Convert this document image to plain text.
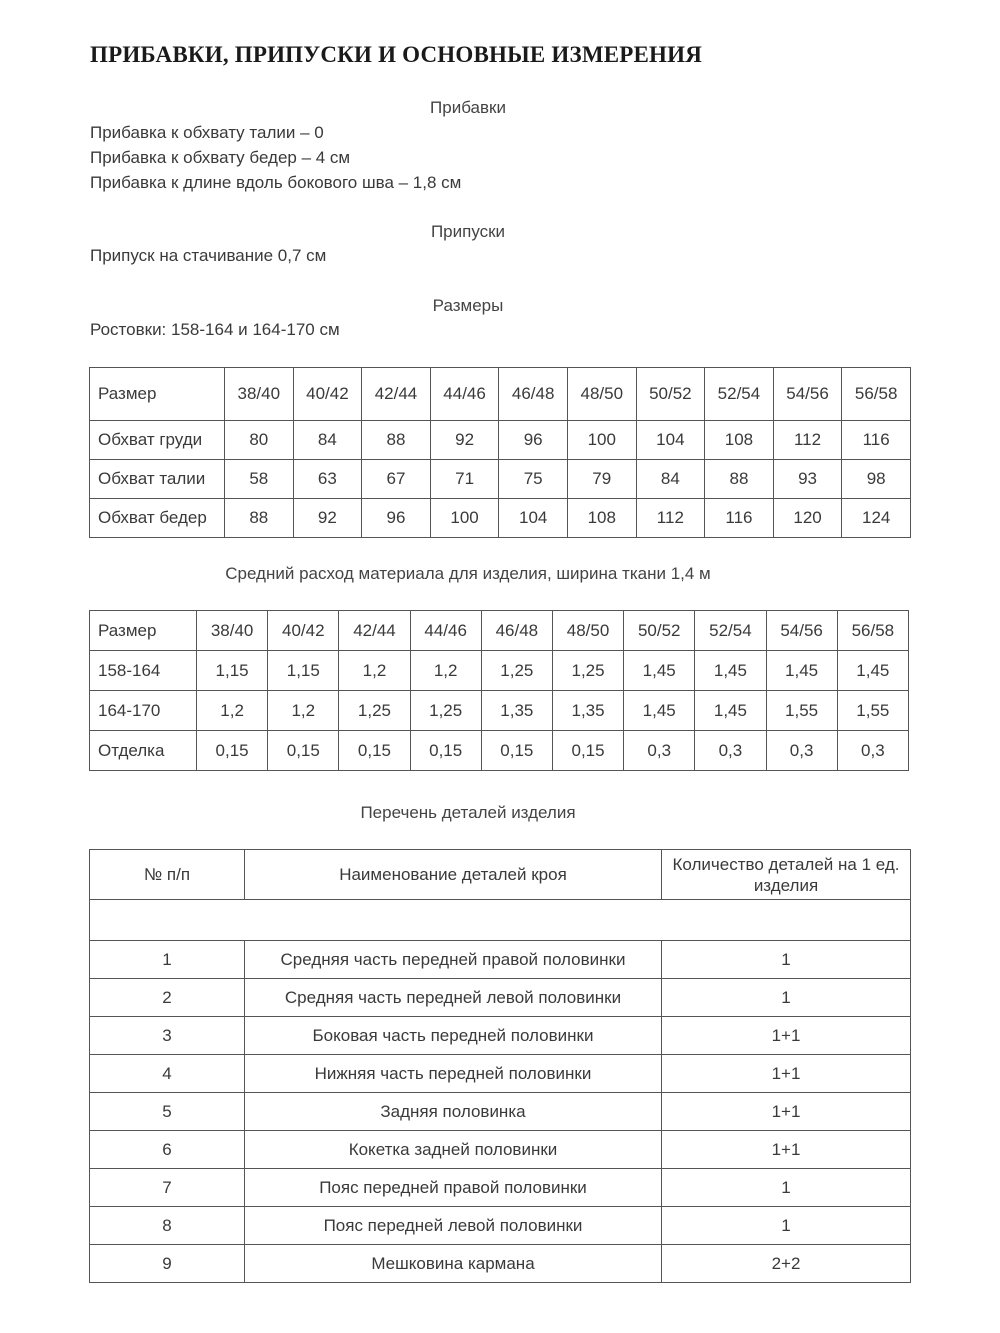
ПРИБАВКИ, ПРИПУСКИ И ОСНОВНЫЕ ИЗМЕРЕНИЯ
Прибавки
Прибавка к обхвату талии – 0
Прибавка к обхвату бедер – 4 см
Прибавка к длине вдоль бокового шва – 1,8 см
Припуски
Припуск на стачивание 0,7 см
Размеры
Ростовки: 158-164 и 164-170 см
Размер	38/40	40/42	42/44	44/46	46/48	48/50	50/52	52/54	54/56	56/58
Обхват груди	80	84	88	92	96	100	104	108	112	116
Обхват талии	58	63	67	71	75	79	84	88	93	98
Обхват бедер	88	92	96	100	104	108	112	116	120	124
Средний расход материала для изделия, ширина ткани 1,4 м
Размер	38/40	40/42	42/44	44/46	46/48	48/50	50/52	52/54	54/56	56/58
158-164	1,15	1,15	1,2	1,2	1,25	1,25	1,45	1,45	1,45	1,45
164-170	1,2	1,2	1,25	1,25	1,35	1,35	1,45	1,45	1,55	1,55
Отделка	0,15	0,15	0,15	0,15	0,15	0,15	0,3	0,3	0,3	0,3
Перечень деталей изделия
№ п/п	Наименование деталей кроя	Количество деталей на 1 ед. изделия

1	Средняя часть передней правой половинки	1
2	Средняя часть передней левой половинки	1
3	Боковая часть передней половинки	1+1
4	Нижняя часть передней половинки	1+1
5	Задняя половинка	1+1
6	Кокетка задней половинки	1+1
7	Пояс передней правой половинки	1
8	Пояс передней левой половинки	1
9	Мешковина кармана	2+2
